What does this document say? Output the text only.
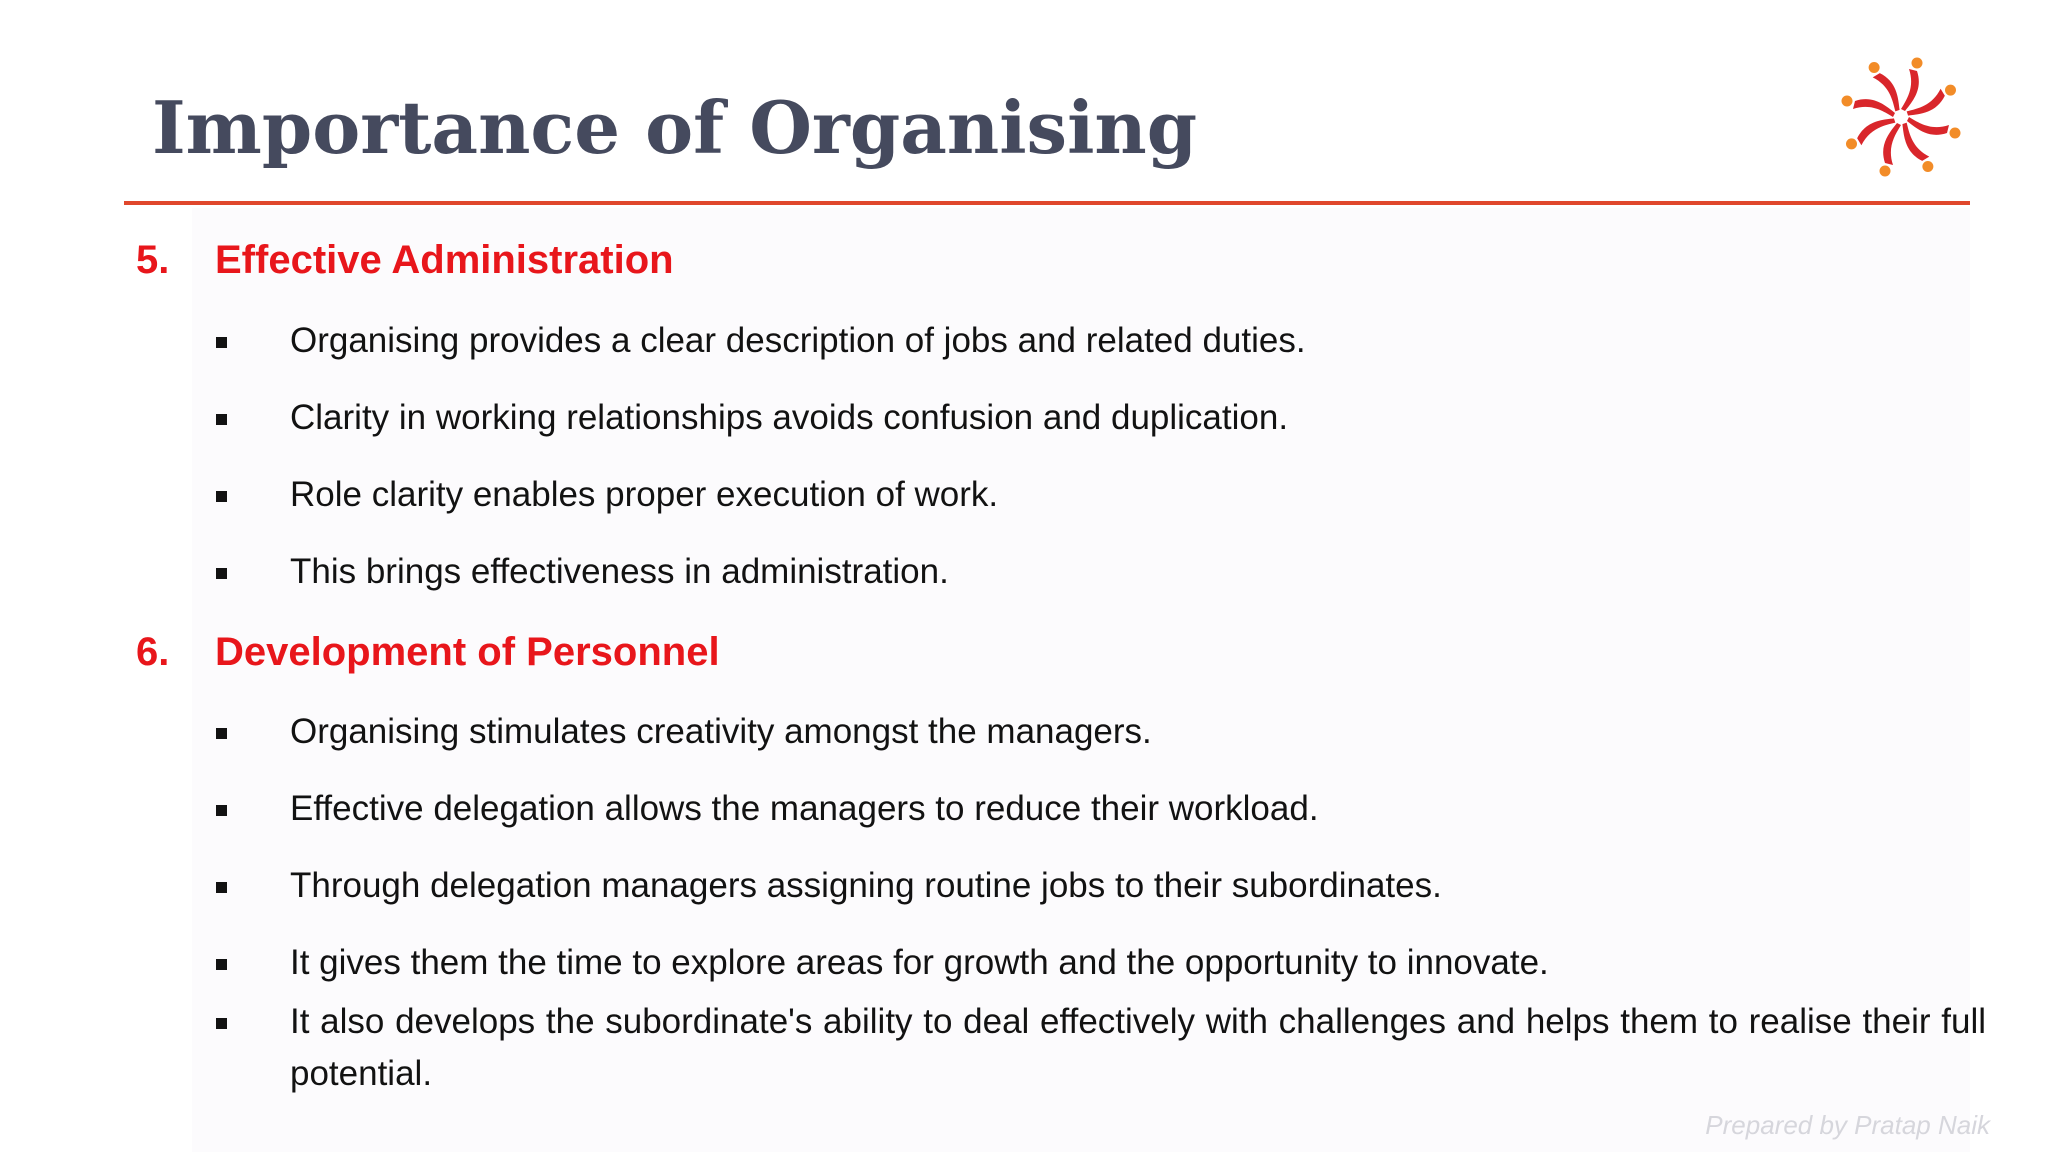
Importance of Organising
5. Effective Administration
Organising provides a clear description of jobs and related duties.
Clarity in working relationships avoids confusion and duplication.
Role clarity enables proper execution of work.
This brings effectiveness in administration.
6. Development of Personnel
Organising stimulates creativity amongst the managers.
Effective delegation allows the managers to reduce their workload.
Through delegation managers assigning routine jobs to their subordinates.
It gives them the time to explore areas for growth and the opportunity to innovate.
It also develops the subordinate's ability to deal effectively with challenges and helps them to realise their full potential.
Prepared by Pratap Naik
